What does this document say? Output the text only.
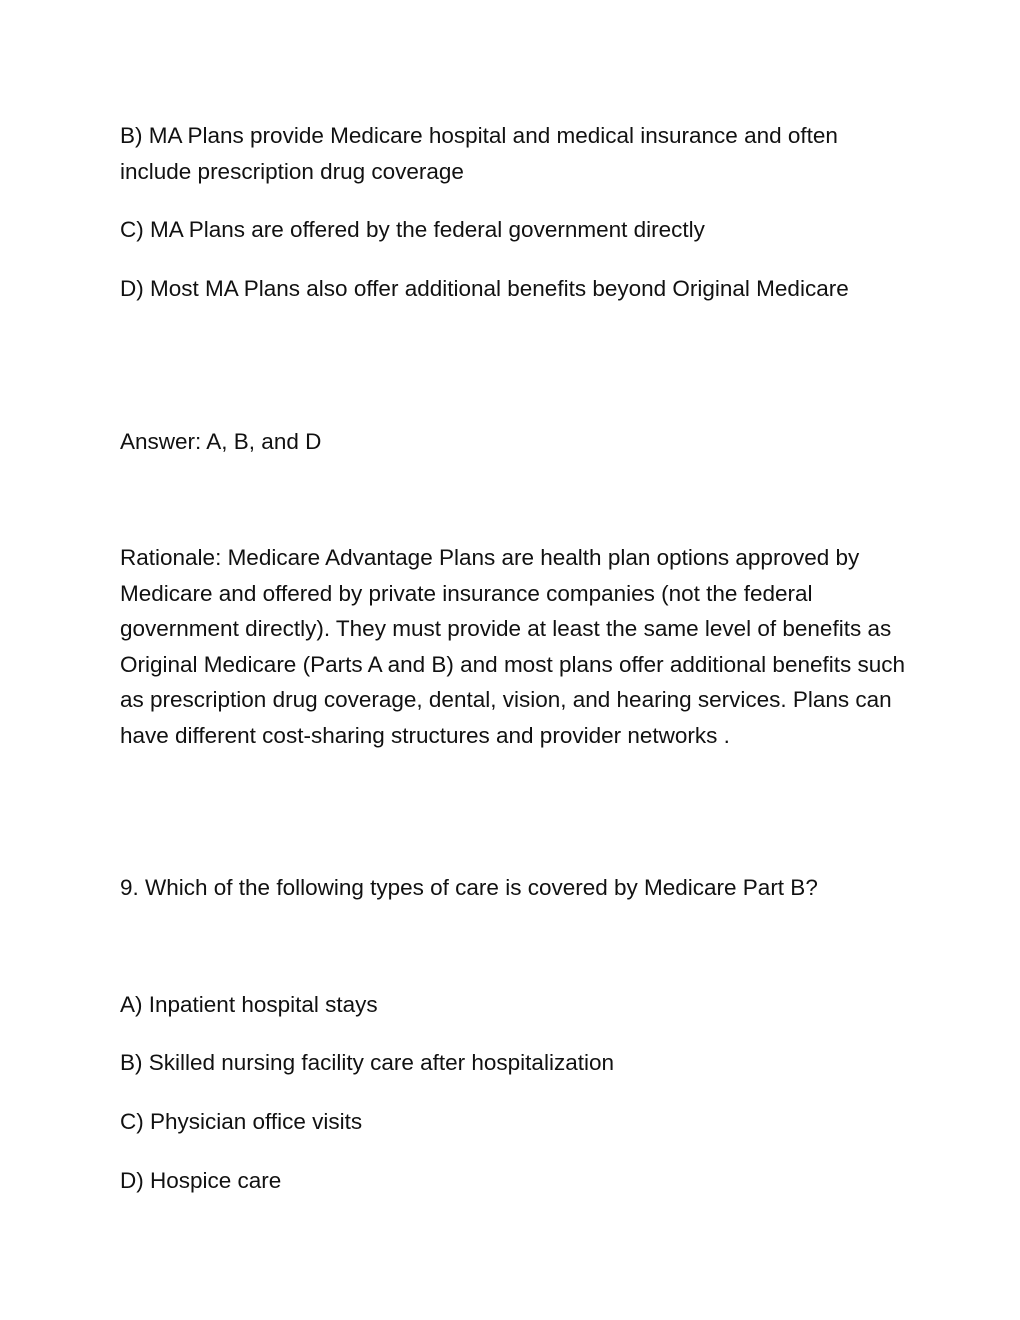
B) MA Plans provide Medicare hospital and medical insurance and often include prescription drug coverage

C) MA Plans are offered by the federal government directly

D) Most MA Plans also offer additional benefits beyond Original Medicare

Answer: A, B, and D

Rationale: Medicare Advantage Plans are health plan options approved by Medicare and offered by private insurance companies (not the federal government directly). They must provide at least the same level of benefits as Original Medicare (Parts A and B) and most plans offer additional benefits such as prescription drug coverage, dental, vision, and hearing services. Plans can have different cost-sharing structures and provider networks .

9. Which of the following types of care is covered by Medicare Part B?

A) Inpatient hospital stays

B) Skilled nursing facility care after hospitalization

C) Physician office visits

D) Hospice care
